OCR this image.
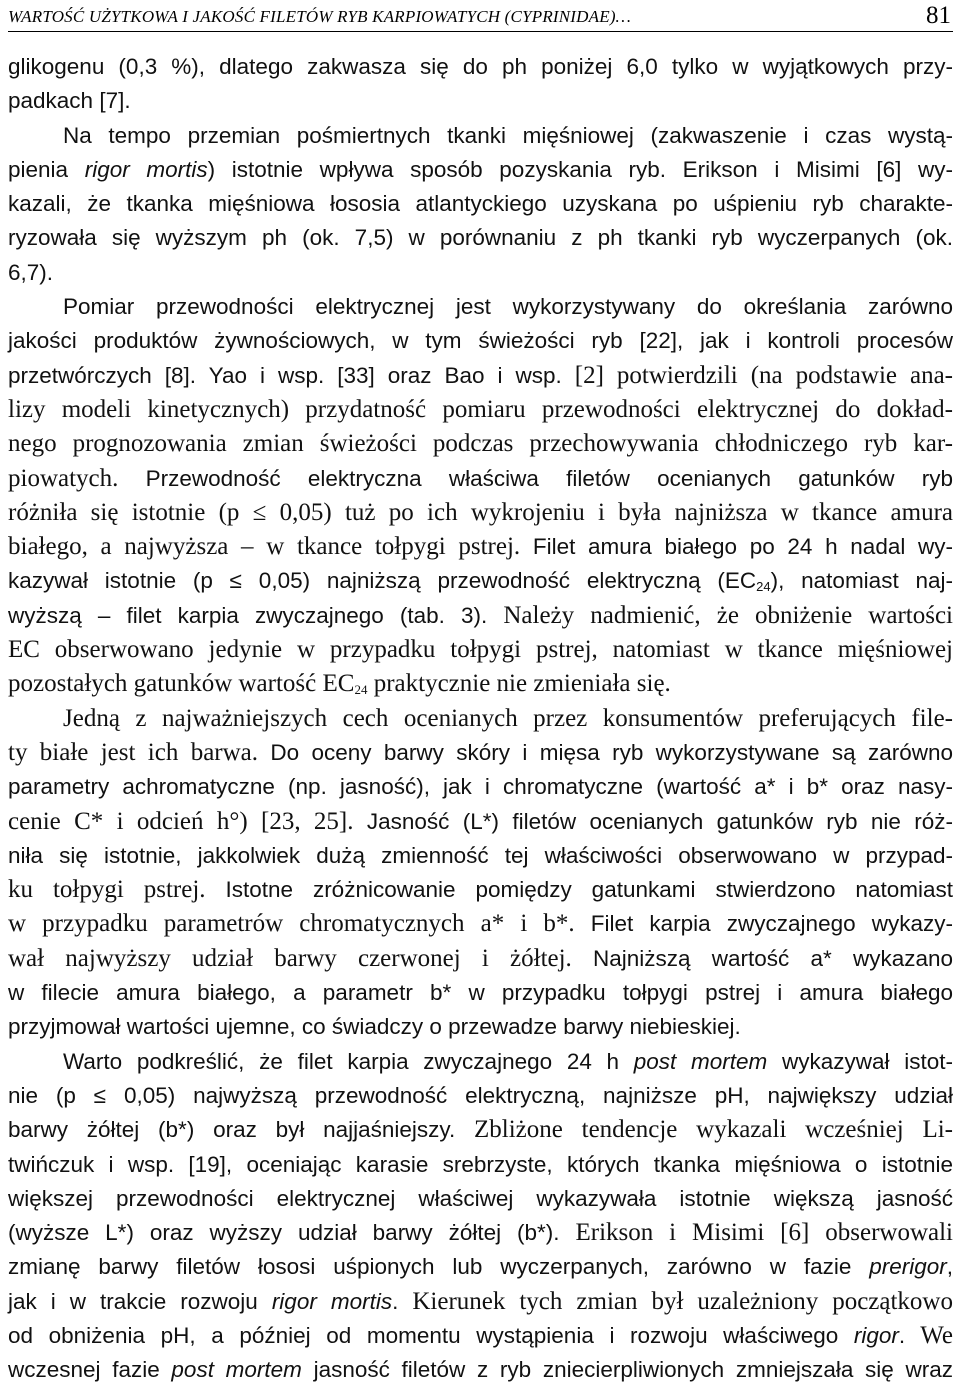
WARTOŚĆ UŻYTKOWA I JAKOŚĆ FILETÓW RYB KARPIOWATYCH (CYPRINIDAE)…	81
glikogenu (0,3 %), dlatego zakwasza się do ph poniżej 6,0 tylko w wyjątkowych przy-
padkach [7].
Na tempo przemian pośmiertnych tkanki mięśniowej (zakwaszenie i czas wystą-
pienia rigor mortis) istotnie wpływa sposób pozyskania ryb. Erikson i Misimi [6] wy-
kazali, że tkanka mięśniowa łososia atlantyckiego uzyskana po uśpieniu ryb charakte-
ryzowała się wyższym ph (ok. 7,5) w porównaniu z ph tkanki ryb wyczerpanych (ok.
6,7).
Pomiar przewodności elektrycznej jest wykorzystywany do określania zarówno
jakości produktów żywnościowych, w tym świeżości ryb [22], jak i kontroli procesów
przetwórczych [8]. Yao i wsp. [33] oraz Bao i wsp. [2] potwierdzili (na podstawie ana-
lizy modeli kinetycznych) przydatność pomiaru przewodności elektrycznej do dokład-
nego prognozowania zmian świeżości podczas przechowywania chłodniczego ryb kar-
piowatych. Przewodność elektryczna właściwa filetów ocenianych gatunków ryb
różniła się istotnie (p ≤ 0,05) tuż po ich wykrojeniu i była najniższa w tkance amura
białego, a najwyższa – w tkance tołpygi pstrej. Filet amura białego po 24 h nadal wy-
kazywał istotnie (p ≤ 0,05) najniższą przewodność elektryczną $(EC_{24})$, natomiast naj-
wyższą – filet karpia zwyczajnego (tab. 3). Należy nadmienić, że obniżenie wartości
EC obserwowano jedynie w przypadku tołpygi pstrej, natomiast w tkance mięśniowej
pozostałych gatunków wartość $EC_{24}$ praktycznie nie zmieniała się.
Jedną z najważniejszych cech ocenianych przez konsumentów preferujących file-
ty białe jest ich barwa. Do oceny barwy skóry i mięsa ryb wykorzystywane są zarówno
parametry achromatyczne (np. jasność), jak i chromatyczne (wartość a* i b* oraz nasy-
cenie C* i odcień h°) [23, 25]. Jasność (L*) filetów ocenianych gatunków ryb nie róż-
niła się istotnie, jakkolwiek dużą zmienność tej właściwości obserwowano w przypad-
ku tołpygi pstrej. Istotne zróżnicowanie pomiędzy gatunkami stwierdzono natomiast
w przypadku parametrów chromatycznych a* i b*. Filet karpia zwyczajnego wykazy-
wał najwyższy udział barwy czerwonej i żółtej. Najniższą wartość a* wykazano
w filecie amura białego, a parametr b* w przypadku tołpygi pstrej i amura białego
przyjmował wartości ujemne, co świadczy o przewadze barwy niebieskiej.
Warto podkreślić, że filet karpia zwyczajnego 24 h post mortem wykazywał istot-
nie (p ≤ 0,05) najwyższą przewodność elektryczną, najniższe pH, największy udział
barwy żółtej (b*) oraz był najjaśniejszy. Zbliżone tendencje wykazali wcześniej Li-
twińczuk i wsp. [19], oceniając karasie srebrzyste, których tkanka mięśniowa o istotnie
większej przewodności elektrycznej właściwej wykazywała istotnie większą jasność
(wyższe L*) oraz wyższy udział barwy żółtej (b*). Erikson i Misimi [6] obserwowali
zmianę barwy filetów łososi uśpionych lub wyczerpanych, zarówno w fazie prerigor,
jak i w trakcie rozwoju rigor mortis. Kierunek tych zmian był uzależniony początkowo
od obniżenia pH, a później od momentu wystąpienia i rozwoju właściwego rigor. We
wczesnej fazie post mortem jasność filetów z ryb zniecierpliwionych zmniejszała się wraz
